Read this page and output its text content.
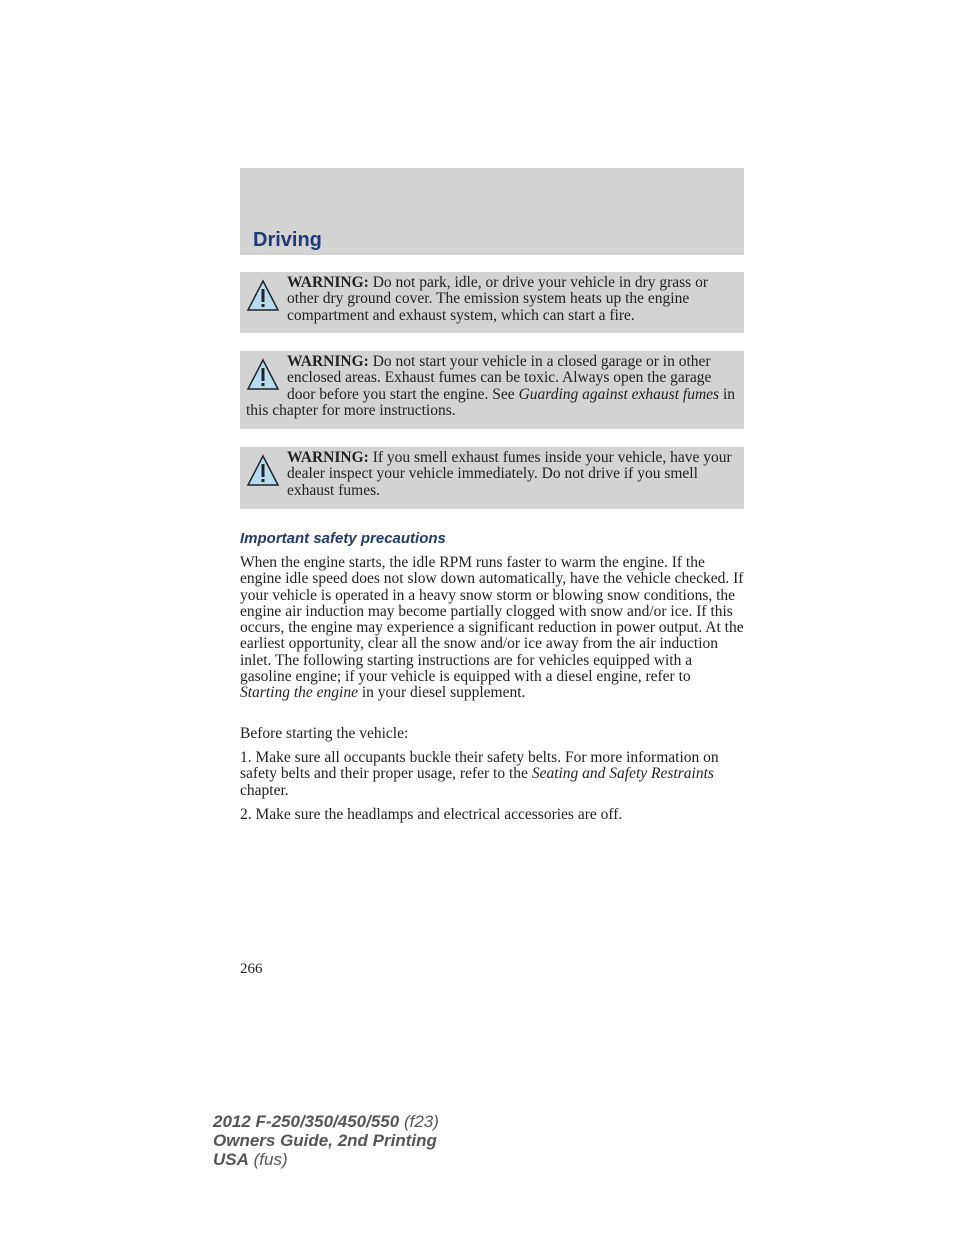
Driving
WARNING: Do not park, idle, or drive your vehicle in dry grass or other dry ground cover. The emission system heats up the engine compartment and exhaust system, which can start a fire.
WARNING: Do not start your vehicle in a closed garage or in other enclosed areas. Exhaust fumes can be toxic. Always open the garage door before you start the engine. See Guarding against exhaust fumes in this chapter for more instructions.
WARNING: If you smell exhaust fumes inside your vehicle, have your dealer inspect your vehicle immediately. Do not drive if you smell exhaust fumes.
Important safety precautions

When the engine starts, the idle RPM runs faster to warm the engine. If the engine idle speed does not slow down automatically, have the vehicle checked. If your vehicle is operated in a heavy snow storm or blowing snow conditions, the engine air induction may become partially clogged with snow and/or ice. If this occurs, the engine may experience a significant reduction in power output. At the earliest opportunity, clear all the snow and/or ice away from the air induction inlet. The following starting instructions are for vehicles equipped with a gasoline engine; if your vehicle is equipped with a diesel engine, refer to Starting the engine in your diesel supplement.

Before starting the vehicle:

1. Make sure all occupants buckle their safety belts. For more information on safety belts and their proper usage, refer to the Seating and Safety Restraints chapter.

2. Make sure the headlamps and electrical accessories are off.

266
2012 F-250/350/450/550 (f23)
Owners Guide, 2nd Printing
USA (fus)
